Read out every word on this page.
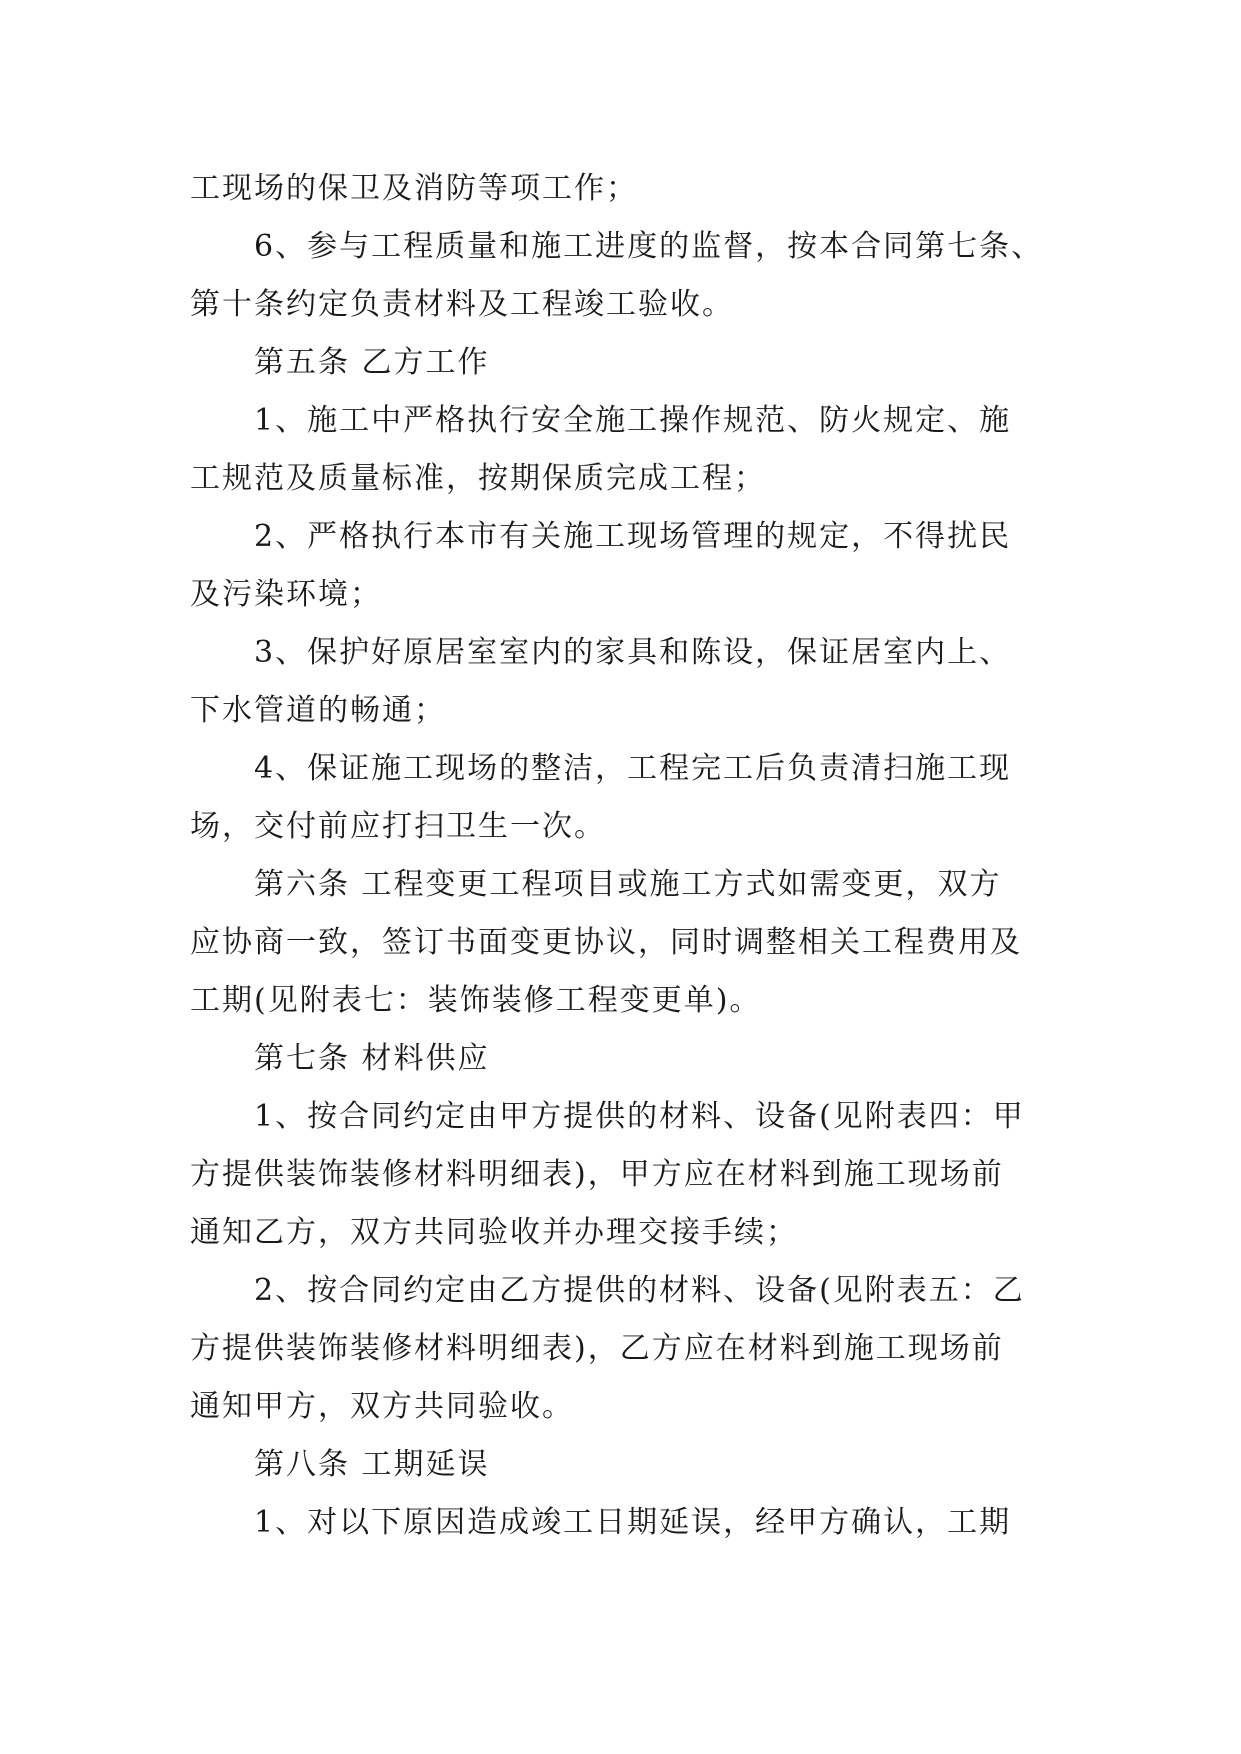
工现场的保卫及消防等项工作；
6、参与工程质量和施工进度的监督，按本合同第七条、
第十条约定负责材料及工程竣工验收。
第五条 乙方工作
1、施工中严格执行安全施工操作规范、防火规定、施
工规范及质量标准，按期保质完成工程；
2、严格执行本市有关施工现场管理的规定，不得扰民
及污染环境；
3、保护好原居室室内的家具和陈设，保证居室内上、
下水管道的畅通；
4、保证施工现场的整洁，工程完工后负责清扫施工现
场，交付前应打扫卫生一次。
第六条 工程变更工程项目或施工方式如需变更，双方
应协商一致，签订书面变更协议，同时调整相关工程费用及
工期(见附表七：装饰装修工程变更单)。
第七条 材料供应
1、按合同约定由甲方提供的材料、设备(见附表四：甲
方提供装饰装修材料明细表)，甲方应在材料到施工现场前
通知乙方，双方共同验收并办理交接手续；
2、按合同约定由乙方提供的材料、设备(见附表五：乙
方提供装饰装修材料明细表)，乙方应在材料到施工现场前
通知甲方，双方共同验收。
第八条 工期延误
1、对以下原因造成竣工日期延误，经甲方确认，工期
